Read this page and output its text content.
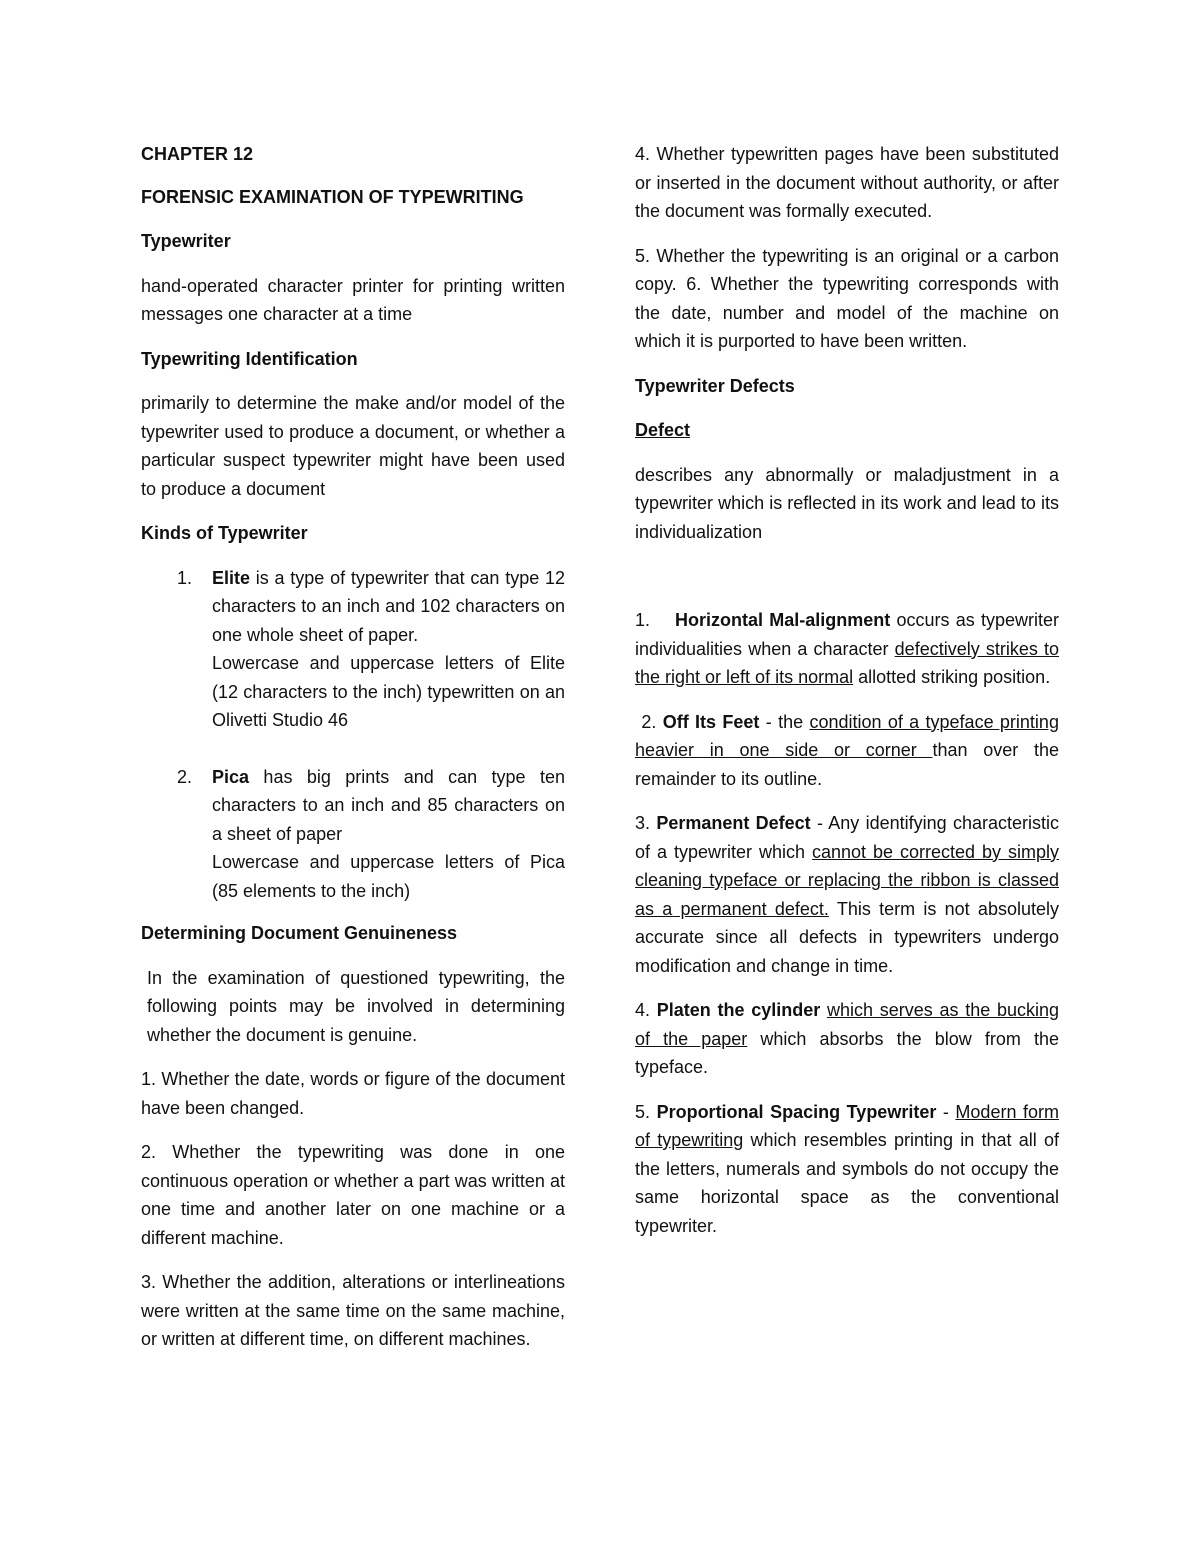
CHAPTER 12
FORENSIC EXAMINATION OF TYPEWRITING
Typewriter

hand-operated character printer for printing written messages one character at a time

Typewriting Identification

primarily to determine the make and/or model of the typewriter used to produce a document, or whether a particular suspect typewriter might have been used to produce a document

Kinds of Typewriter
1. Elite is a type of typewriter that can type 12 characters to an inch and 102 characters on one whole sheet of paper.
Lowercase and uppercase letters of Elite (12 characters to the inch) typewritten on an Olivetti Studio 46
2. Pica has big prints and can type ten characters to an inch and 85 characters on a sheet of paper
Lowercase and uppercase letters of Pica (85 elements to the inch)
Determining Document Genuineness

In the examination of questioned typewriting, the following points may be involved in determining whether the document is genuine.

1. Whether the date, words or figure of the document have been changed.

2. Whether the typewriting was done in one continuous operation or whether a part was written at one time and another later on one machine or a different machine.

3. Whether the addition, alterations or interlineations were written at the same time on the same machine, or written at different time, on different machines.

4. Whether typewritten pages have been substituted or inserted in the document without authority, or after the document was formally executed.

5. Whether the typewriting is an original or a carbon copy. 6. Whether the typewriting corresponds with the date, number and model of the machine on which it is purported to have been written.

Typewriter Defects
Defect

describes any abnormally or maladjustment in a typewriter which is reflected in its work and lead to its individualization

1. Horizontal Mal-alignment occurs as typewriter individualities when a character defectively strikes to the right or left of its normal allotted striking position.

2. Off Its Feet - the condition of a typeface printing heavier in one side or corner than over the remainder to its outline.

3. Permanent Defect - Any identifying characteristic of a typewriter which cannot be corrected by simply cleaning typeface or replacing the ribbon is classed as a permanent defect. This term is not absolutely accurate since all defects in typewriters undergo modification and change in time.

4. Platen the cylinder which serves as the bucking of the paper which absorbs the blow from the typeface.

5. Proportional Spacing Typewriter - Modern form of typewriting which resembles printing in that all of the letters, numerals and symbols do not occupy the same horizontal space as the conventional typewriter.
